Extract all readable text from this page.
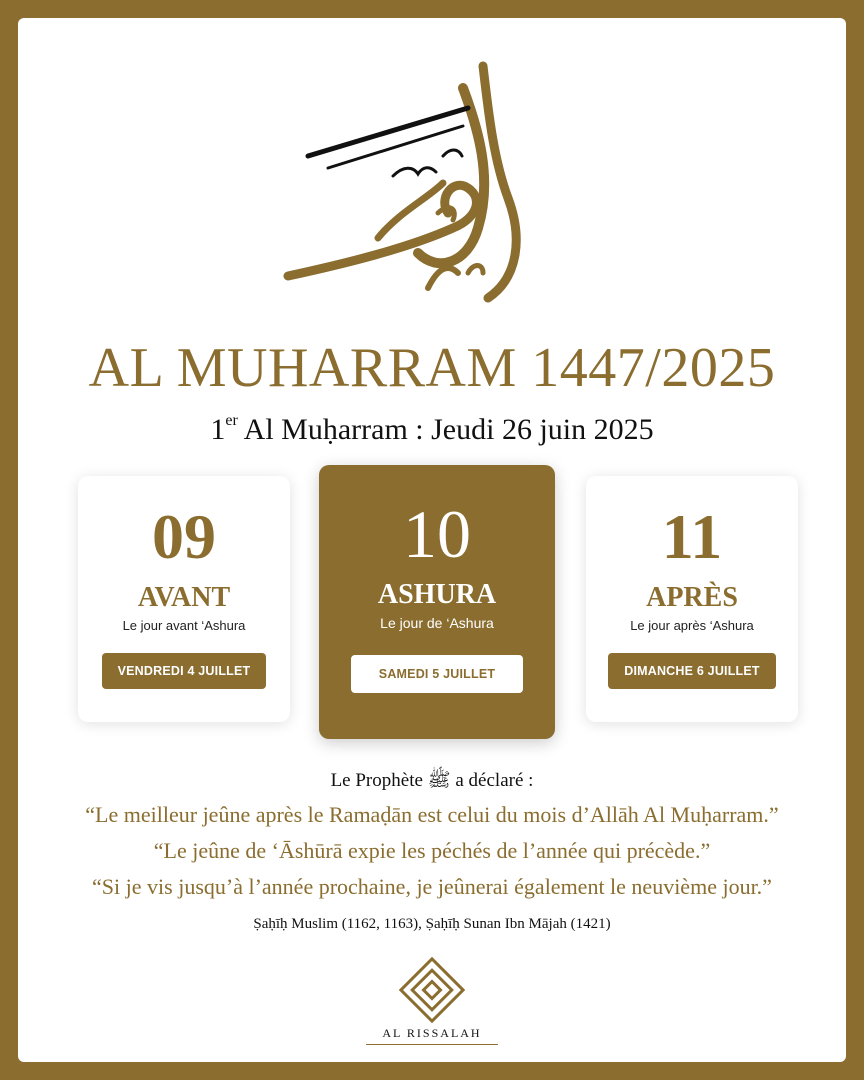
المحرم
AL MUHARRAM 1447/2025
1er Al Muḥarram : Jeudi 26 juin 2025
09
AVANT
Le jour avant ‘Ashura
VENDREDI 4 JUILLET
10
ASHURA
Le jour de ‘Ashura
SAMEDI 5 JUILLET
11
APRÈS
Le jour après ‘Ashura
DIMANCHE 6 JUILLET
Le Prophète ﷺ a déclaré :
“Le meilleur jeûne après le Ramaḍān est celui du mois d’Allāh Al Muḥarram.”
“Le jeûne de ‘Āshūrā expie les péchés de l’année qui précède.”
“Si je vis jusqu’à l’année prochaine, je jeûnerai également le neuvième jour.”
Ṣaḥīḥ Muslim (1162, 1163), Ṣaḥīḥ Sunan Ibn Mājah (1421)
AL RISSALAH
